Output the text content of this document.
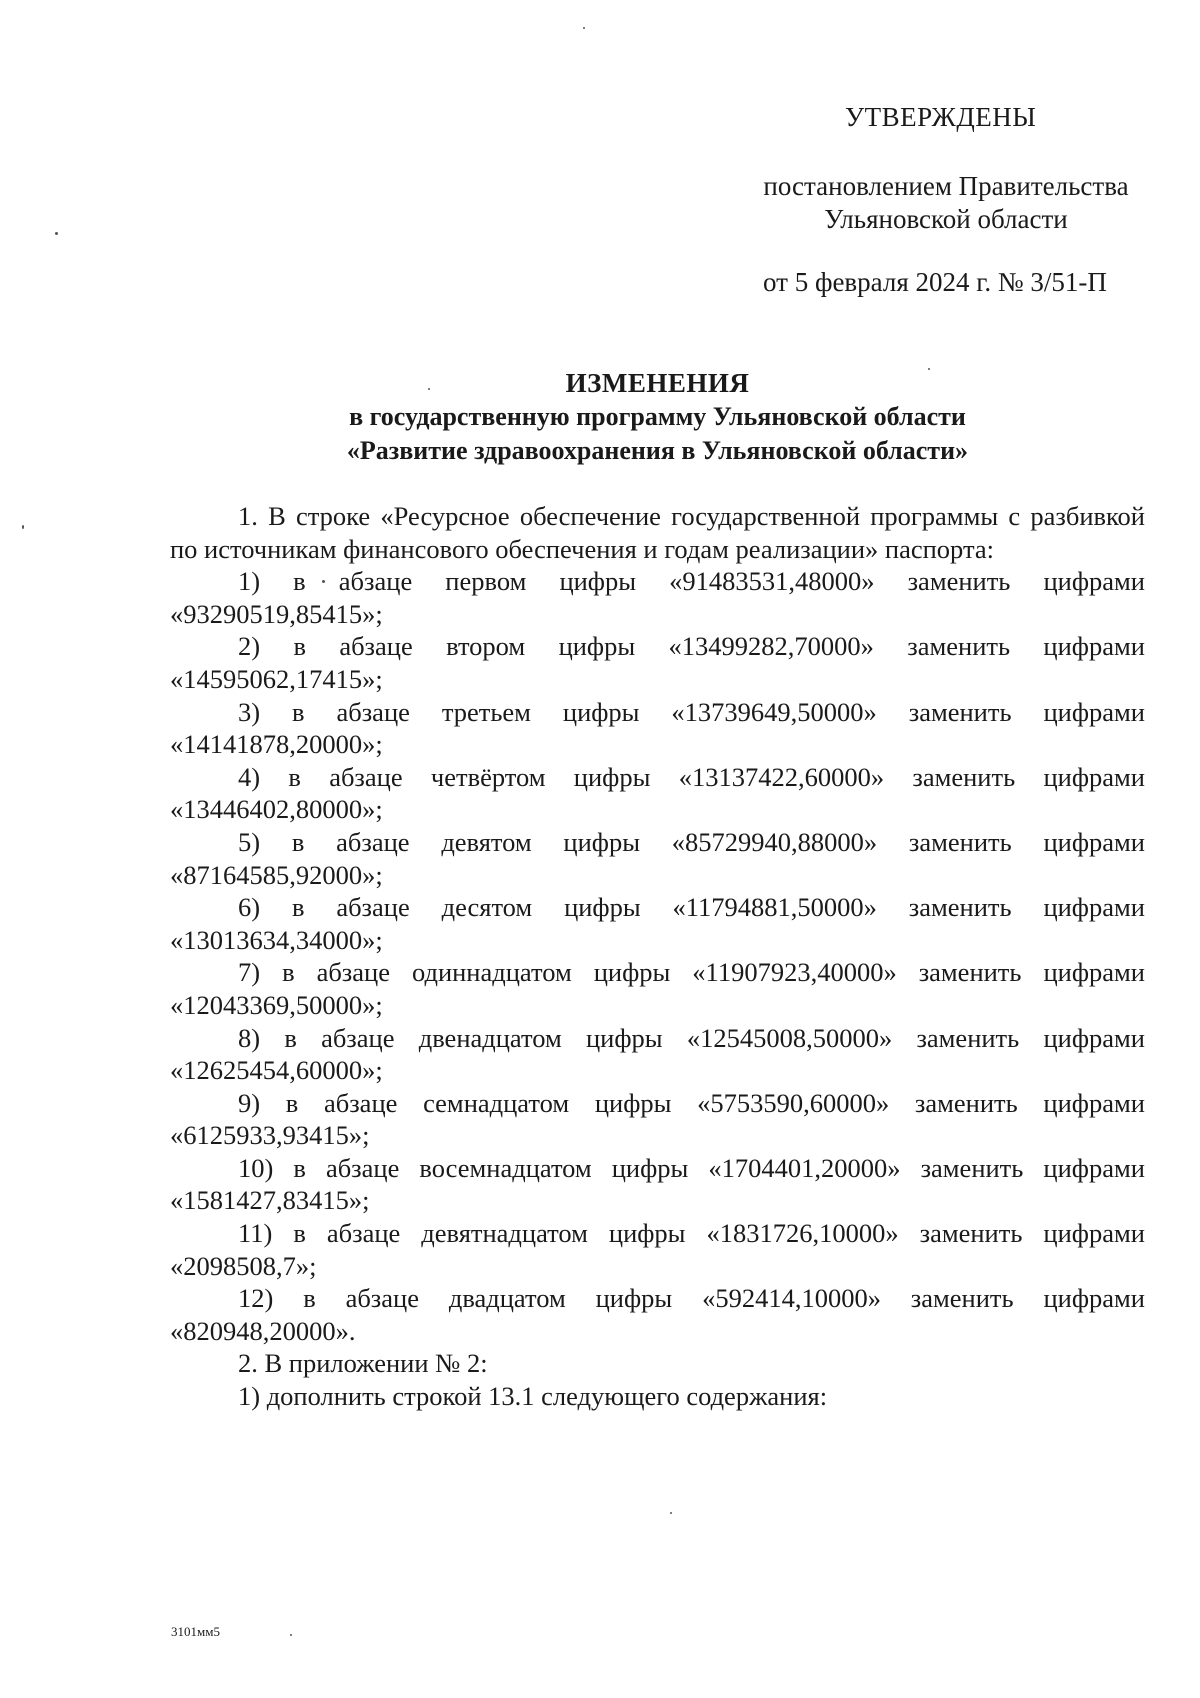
УТВЕРЖДЕНЫ
постановлением Правительства
Ульяновской области
от 5 февраля 2024 г. № 3/51-П
ИЗМЕНЕНИЯ
в государственную программу Ульяновской области
«Развитие здравоохранения в Ульяновской области»

1. В строке «Ресурсное обеспечение государственной программы с разбивкой по источникам финансового обеспечения и годам реализации» паспорта:

1) в абзаце первом цифры «91483531,48000» заменить цифрами
«93290519,85415»;
2) в абзаце втором цифры «13499282,70000» заменить цифрами
«14595062,17415»;
3) в абзаце третьем цифры «13739649,50000» заменить цифрами
«14141878,20000»;
4) в абзаце четвёртом цифры «13137422,60000» заменить цифрами
«13446402,80000»;
5) в абзаце девятом цифры «85729940,88000» заменить цифрами
«87164585,92000»;
6) в абзаце десятом цифры «11794881,50000» заменить цифрами
«13013634,34000»;
7) в абзаце одиннадцатом цифры «11907923,40000» заменить цифрами
«12043369,50000»;
8) в абзаце двенадцатом цифры «12545008,50000» заменить цифрами
«12625454,60000»;
9) в абзаце семнадцатом цифры «5753590,60000» заменить цифрами
«6125933,93415»;
10) в абзаце восемнадцатом цифры «1704401,20000» заменить цифрами
«1581427,83415»;
11) в абзаце девятнадцатом цифры «1831726,10000» заменить цифрами
«2098508,7»;
12) в абзаце двадцатом цифры «592414,10000» заменить цифрами
«820948,20000».

2. В приложении № 2:

1) дополнить строкой 13.1 следующего содержания:

3101мм5
